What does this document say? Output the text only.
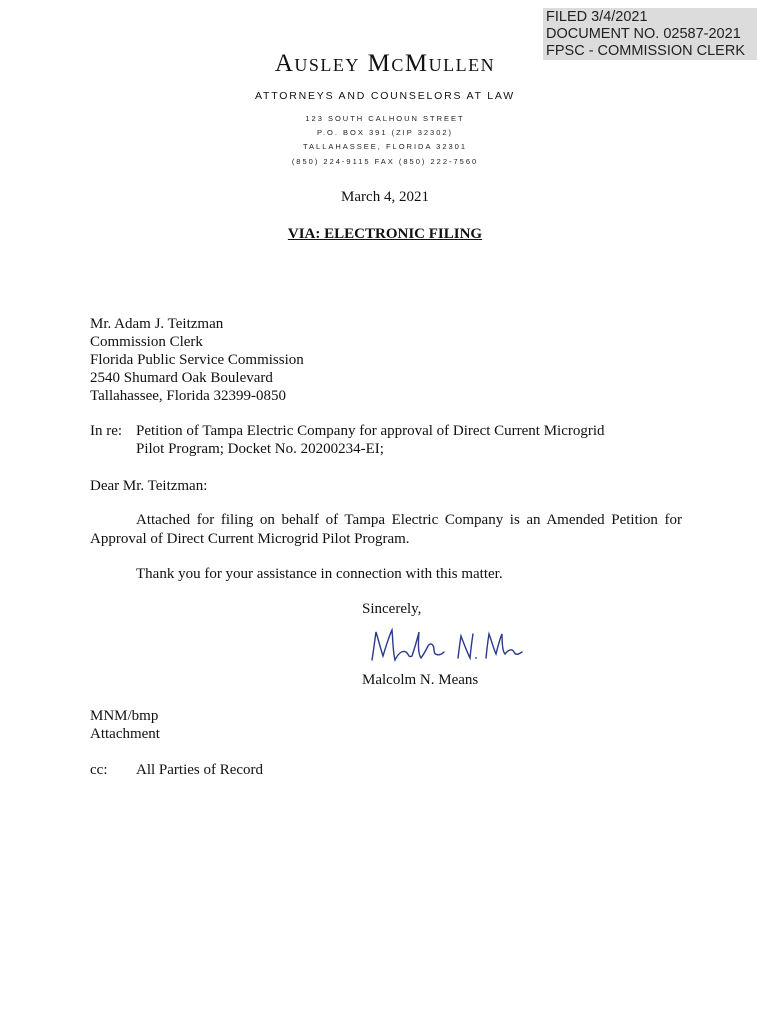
FILED 3/4/2021
DOCUMENT NO. 02587-2021
FPSC - COMMISSION CLERK
Ausley McMullen
ATTORNEYS AND COUNSELORS AT LAW
123 SOUTH CALHOUN STREET
P.O. BOX 391 (ZIP 32302)
TALLAHASSEE, FLORIDA 32301
(850) 224-9115 FAX (850) 222-7560
March 4, 2021
VIA: ELECTRONIC FILING
Mr. Adam J. Teitzman
Commission Clerk
Florida Public Service Commission
2540 Shumard Oak Boulevard
Tallahassee, Florida 32399-0850
In re: Petition of Tampa Electric Company for approval of Direct Current Microgrid
Pilot Program; Docket No. 20200234-EI;
Dear Mr. Teitzman:
Attached for filing on behalf of Tampa Electric Company is an Amended Petition for Approval of Direct Current Microgrid Pilot Program.
Thank you for your assistance in connection with this matter.
Sincerely,
Malcolm N. Means
Malcolm N. Means
MNM/bmp
Attachment
cc: All Parties of Record
